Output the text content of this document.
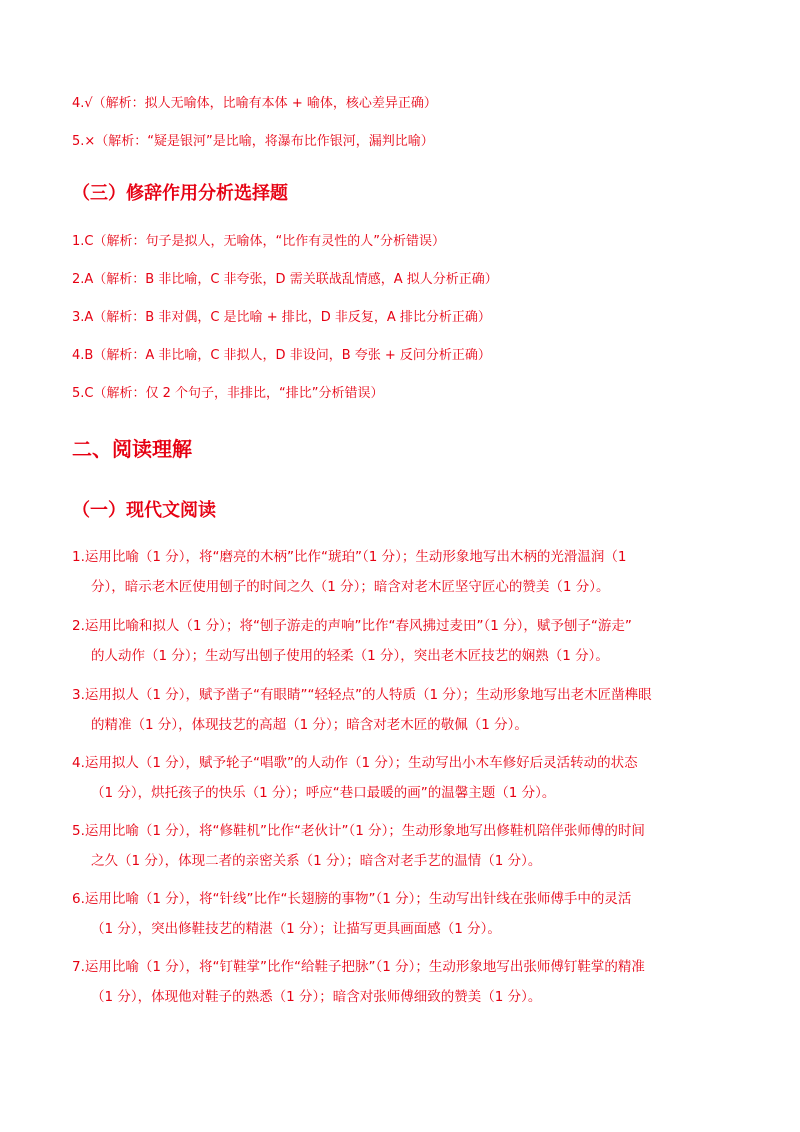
4.√（解析：拟人无喻体，比喻有本体 + 喻体，核心差异正确）
5.×（解析：“疑是银河”是比喻，将瀑布比作银河，漏判比喻）
（三）修辞作用分析选择题
1.C（解析：句子是拟人，无喻体，“比作有灵性的人”分析错误）
2.A（解析：B 非比喻，C 非夸张，D 需关联战乱情感，A 拟人分析正确）
3.A（解析：B 非对偶，C 是比喻 + 排比，D 非反复，A 排比分析正确）
4.B（解析：A 非比喻，C 非拟人，D 非设问，B 夸张 + 反问分析正确）
5.C（解析：仅 2 个句子，非排比，“排比”分析错误）
二、阅读理解
（一）现代文阅读
1.运用比喻（1 分），将“磨亮的木柄”比作“琥珀”（1 分）；生动形象地写出木柄的光滑温润（1
分），暗示老木匠使用刨子的时间之久（1 分）；暗含对老木匠坚守匠心的赞美（1 分）。
2.运用比喻和拟人（1 分）；将“刨子游走的声响”比作“春风拂过麦田”（1 分），赋予刨子“游走”
的人动作（1 分）；生动写出刨子使用的轻柔（1 分），突出老木匠技艺的娴熟（1 分）。
3.运用拟人（1 分），赋予凿子“有眼睛”“轻轻点”的人特质（1 分）；生动形象地写出老木匠凿榫眼
的精准（1 分），体现技艺的高超（1 分）；暗含对老木匠的敬佩（1 分）。
4.运用拟人（1 分），赋予轮子“唱歌”的人动作（1 分）；生动写出小木车修好后灵活转动的状态
（1 分），烘托孩子的快乐（1 分）；呼应“巷口最暖的画”的温馨主题（1 分）。
5.运用比喻（1 分），将“修鞋机”比作“老伙计”（1 分）；生动形象地写出修鞋机陪伴张师傅的时间
之久（1 分），体现二者的亲密关系（1 分）；暗含对老手艺的温情（1 分）。
6.运用比喻（1 分），将“针线”比作“长翅膀的事物”（1 分）；生动写出针线在张师傅手中的灵活
（1 分），突出修鞋技艺的精湛（1 分）；让描写更具画面感（1 分）。
7.运用比喻（1 分），将“钉鞋掌”比作“给鞋子把脉”（1 分）；生动形象地写出张师傅钉鞋掌的精准
（1 分），体现他对鞋子的熟悉（1 分）；暗含对张师傅细致的赞美（1 分）。
